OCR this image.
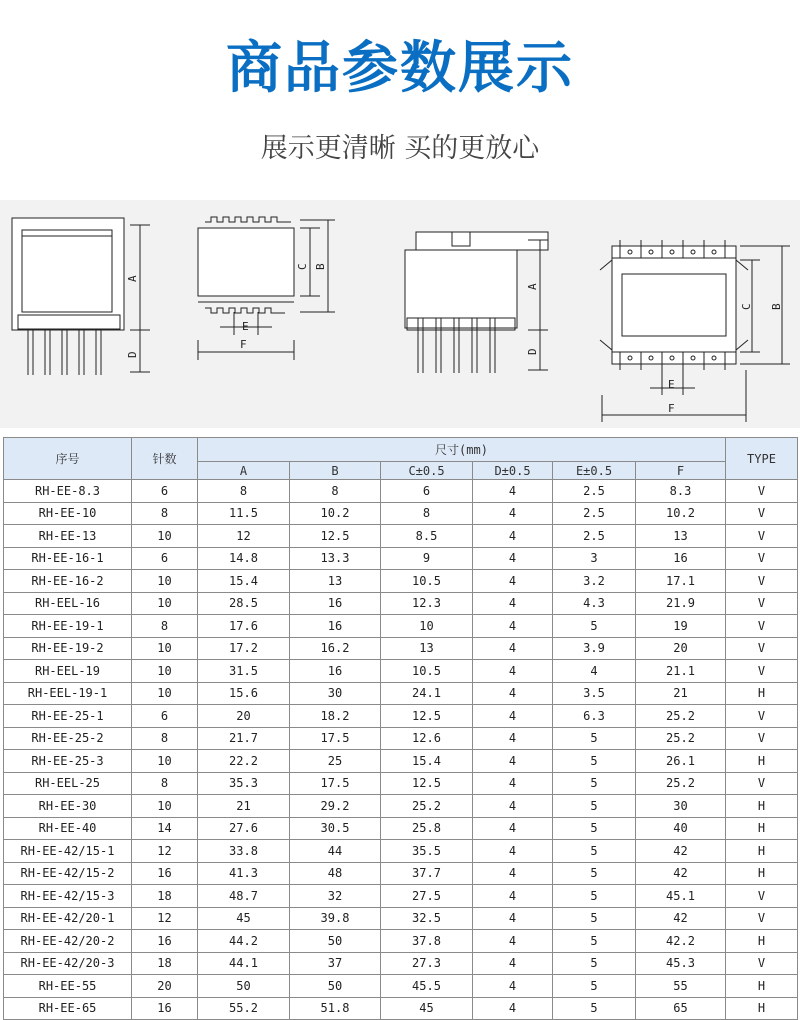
商品参数展示
展示更清晰 买的更放心
A
D
C B
E
F
A
D
C B
E
F
序号	针数	尺寸(mm)						TYPE
		A	B	C±0.5	D±0.5	E±0.5	F	
RH-EE-8.3	6	8	8	6	4	2.5	8.3	V
RH-EE-10	8	11.5	10.2	8	4	2.5	10.2	V
RH-EE-13	10	12	12.5	8.5	4	2.5	13	V
RH-EE-16-1	6	14.8	13.3	9	4	3	16	V
RH-EE-16-2	10	15.4	13	10.5	4	3.2	17.1	V
RH-EEL-16	10	28.5	16	12.3	4	4.3	21.9	V
RH-EE-19-1	8	17.6	16	10	4	5	19	V
RH-EE-19-2	10	17.2	16.2	13	4	3.9	20	V
RH-EEL-19	10	31.5	16	10.5	4	4	21.1	V
RH-EEL-19-1	10	15.6	30	24.1	4	3.5	21	H
RH-EE-25-1	6	20	18.2	12.5	4	6.3	25.2	V
RH-EE-25-2	8	21.7	17.5	12.6	4	5	25.2	V
RH-EE-25-3	10	22.2	25	15.4	4	5	26.1	H
RH-EEL-25	8	35.3	17.5	12.5	4	5	25.2	V
RH-EE-30	10	21	29.2	25.2	4	5	30	H
RH-EE-40	14	27.6	30.5	25.8	4	5	40	H
RH-EE-42/15-1	12	33.8	44	35.5	4	5	42	H
RH-EE-42/15-2	16	41.3	48	37.7	4	5	42	H
RH-EE-42/15-3	18	48.7	32	27.5	4	5	45.1	V
RH-EE-42/20-1	12	45	39.8	32.5	4	5	42	V
RH-EE-42/20-2	16	44.2	50	37.8	4	5	42.2	H
RH-EE-42/20-3	18	44.1	37	27.3	4	5	45.3	V
RH-EE-55	20	50	50	45.5	4	5	55	H
RH-EE-65	16	55.2	51.8	45	4	5	65	H
